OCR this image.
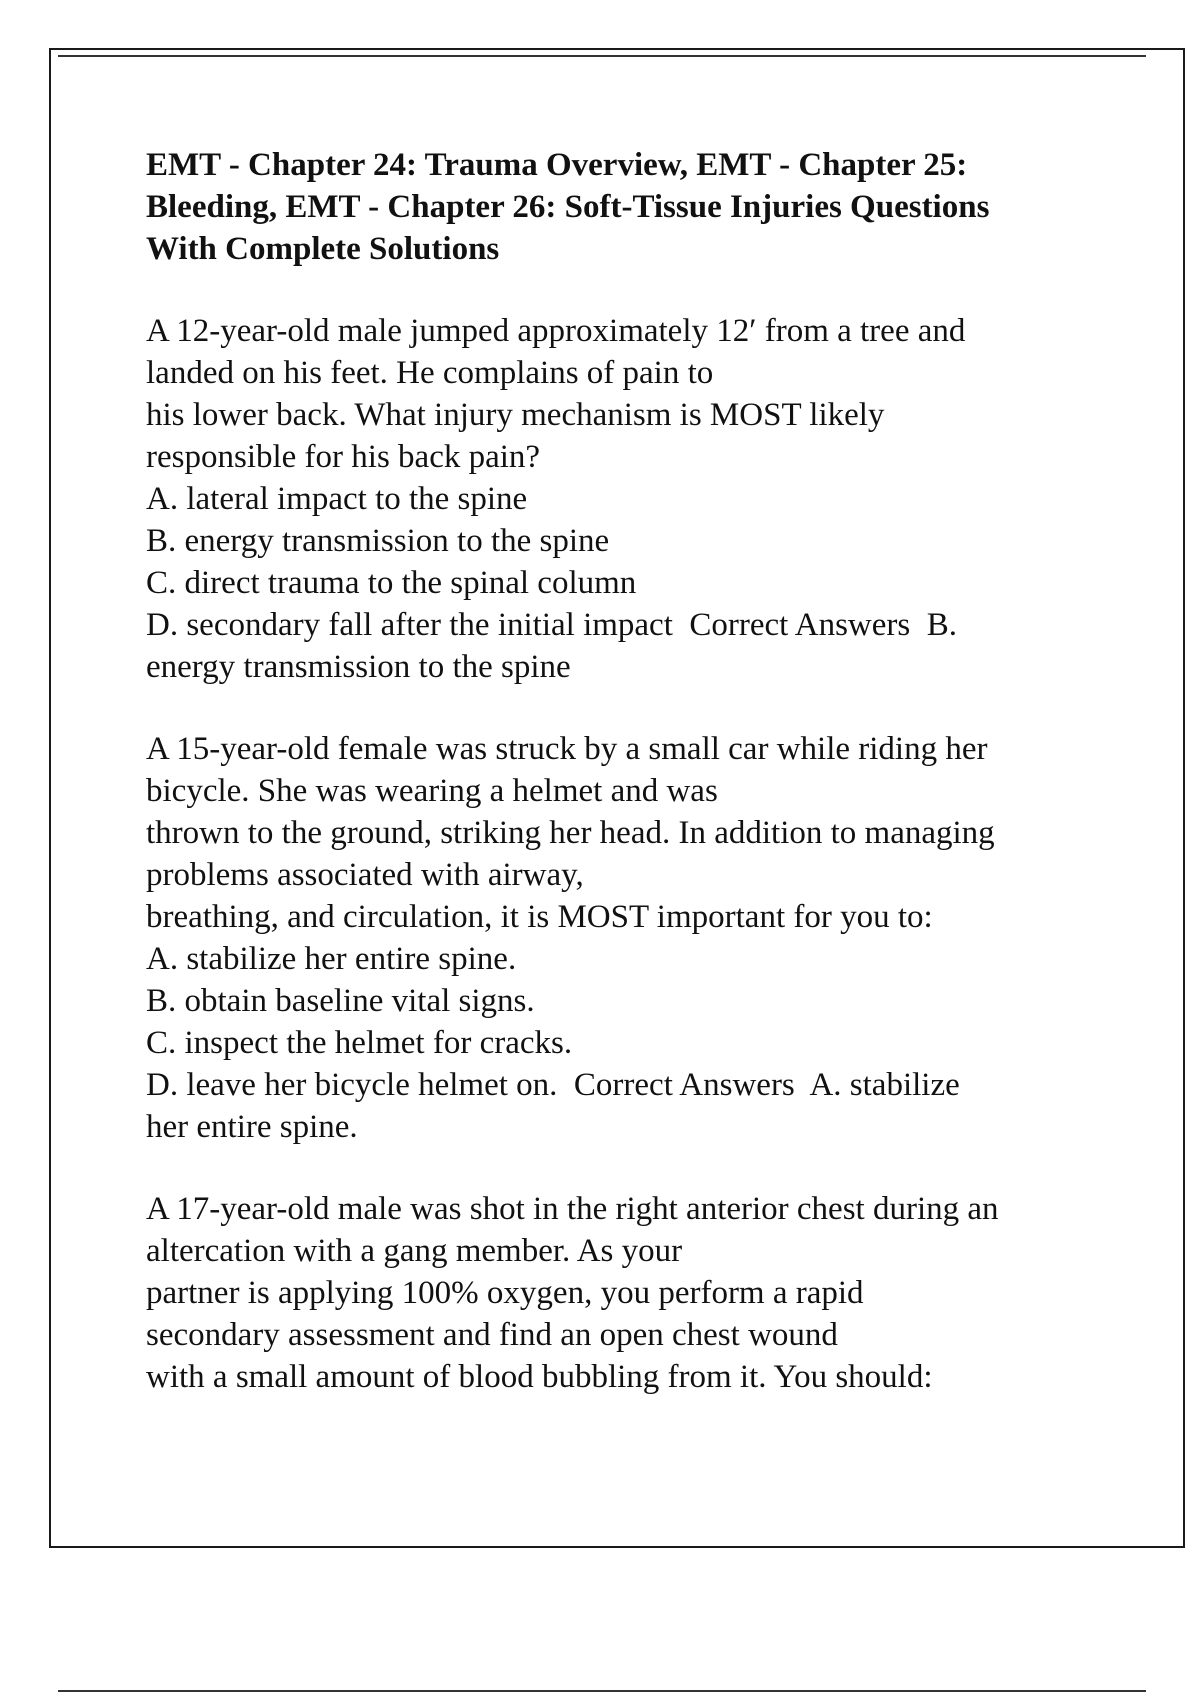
EMT - Chapter 24: Trauma Overview, EMT - Chapter 25:
Bleeding, EMT - Chapter 26: Soft-Tissue Injuries Questions
With Complete Solutions
A 12-year-old male jumped approximately 12′ from a tree and
landed on his feet. He complains of pain to
his lower back. What injury mechanism is MOST likely
responsible for his back pain?
A. lateral impact to the spine
B. energy transmission to the spine
C. direct trauma to the spinal column
D. secondary fall after the initial impact  Correct Answers  B.
energy transmission to the spine
A 15-year-old female was struck by a small car while riding her
bicycle. She was wearing a helmet and was
thrown to the ground, striking her head. In addition to managing
problems associated with airway,
breathing, and circulation, it is MOST important for you to:
A. stabilize her entire spine.
B. obtain baseline vital signs.
C. inspect the helmet for cracks.
D. leave her bicycle helmet on.  Correct Answers  A. stabilize
her entire spine.
A 17-year-old male was shot in the right anterior chest during an
altercation with a gang member. As your
partner is applying 100% oxygen, you perform a rapid
secondary assessment and find an open chest wound
with a small amount of blood bubbling from it. You should:
